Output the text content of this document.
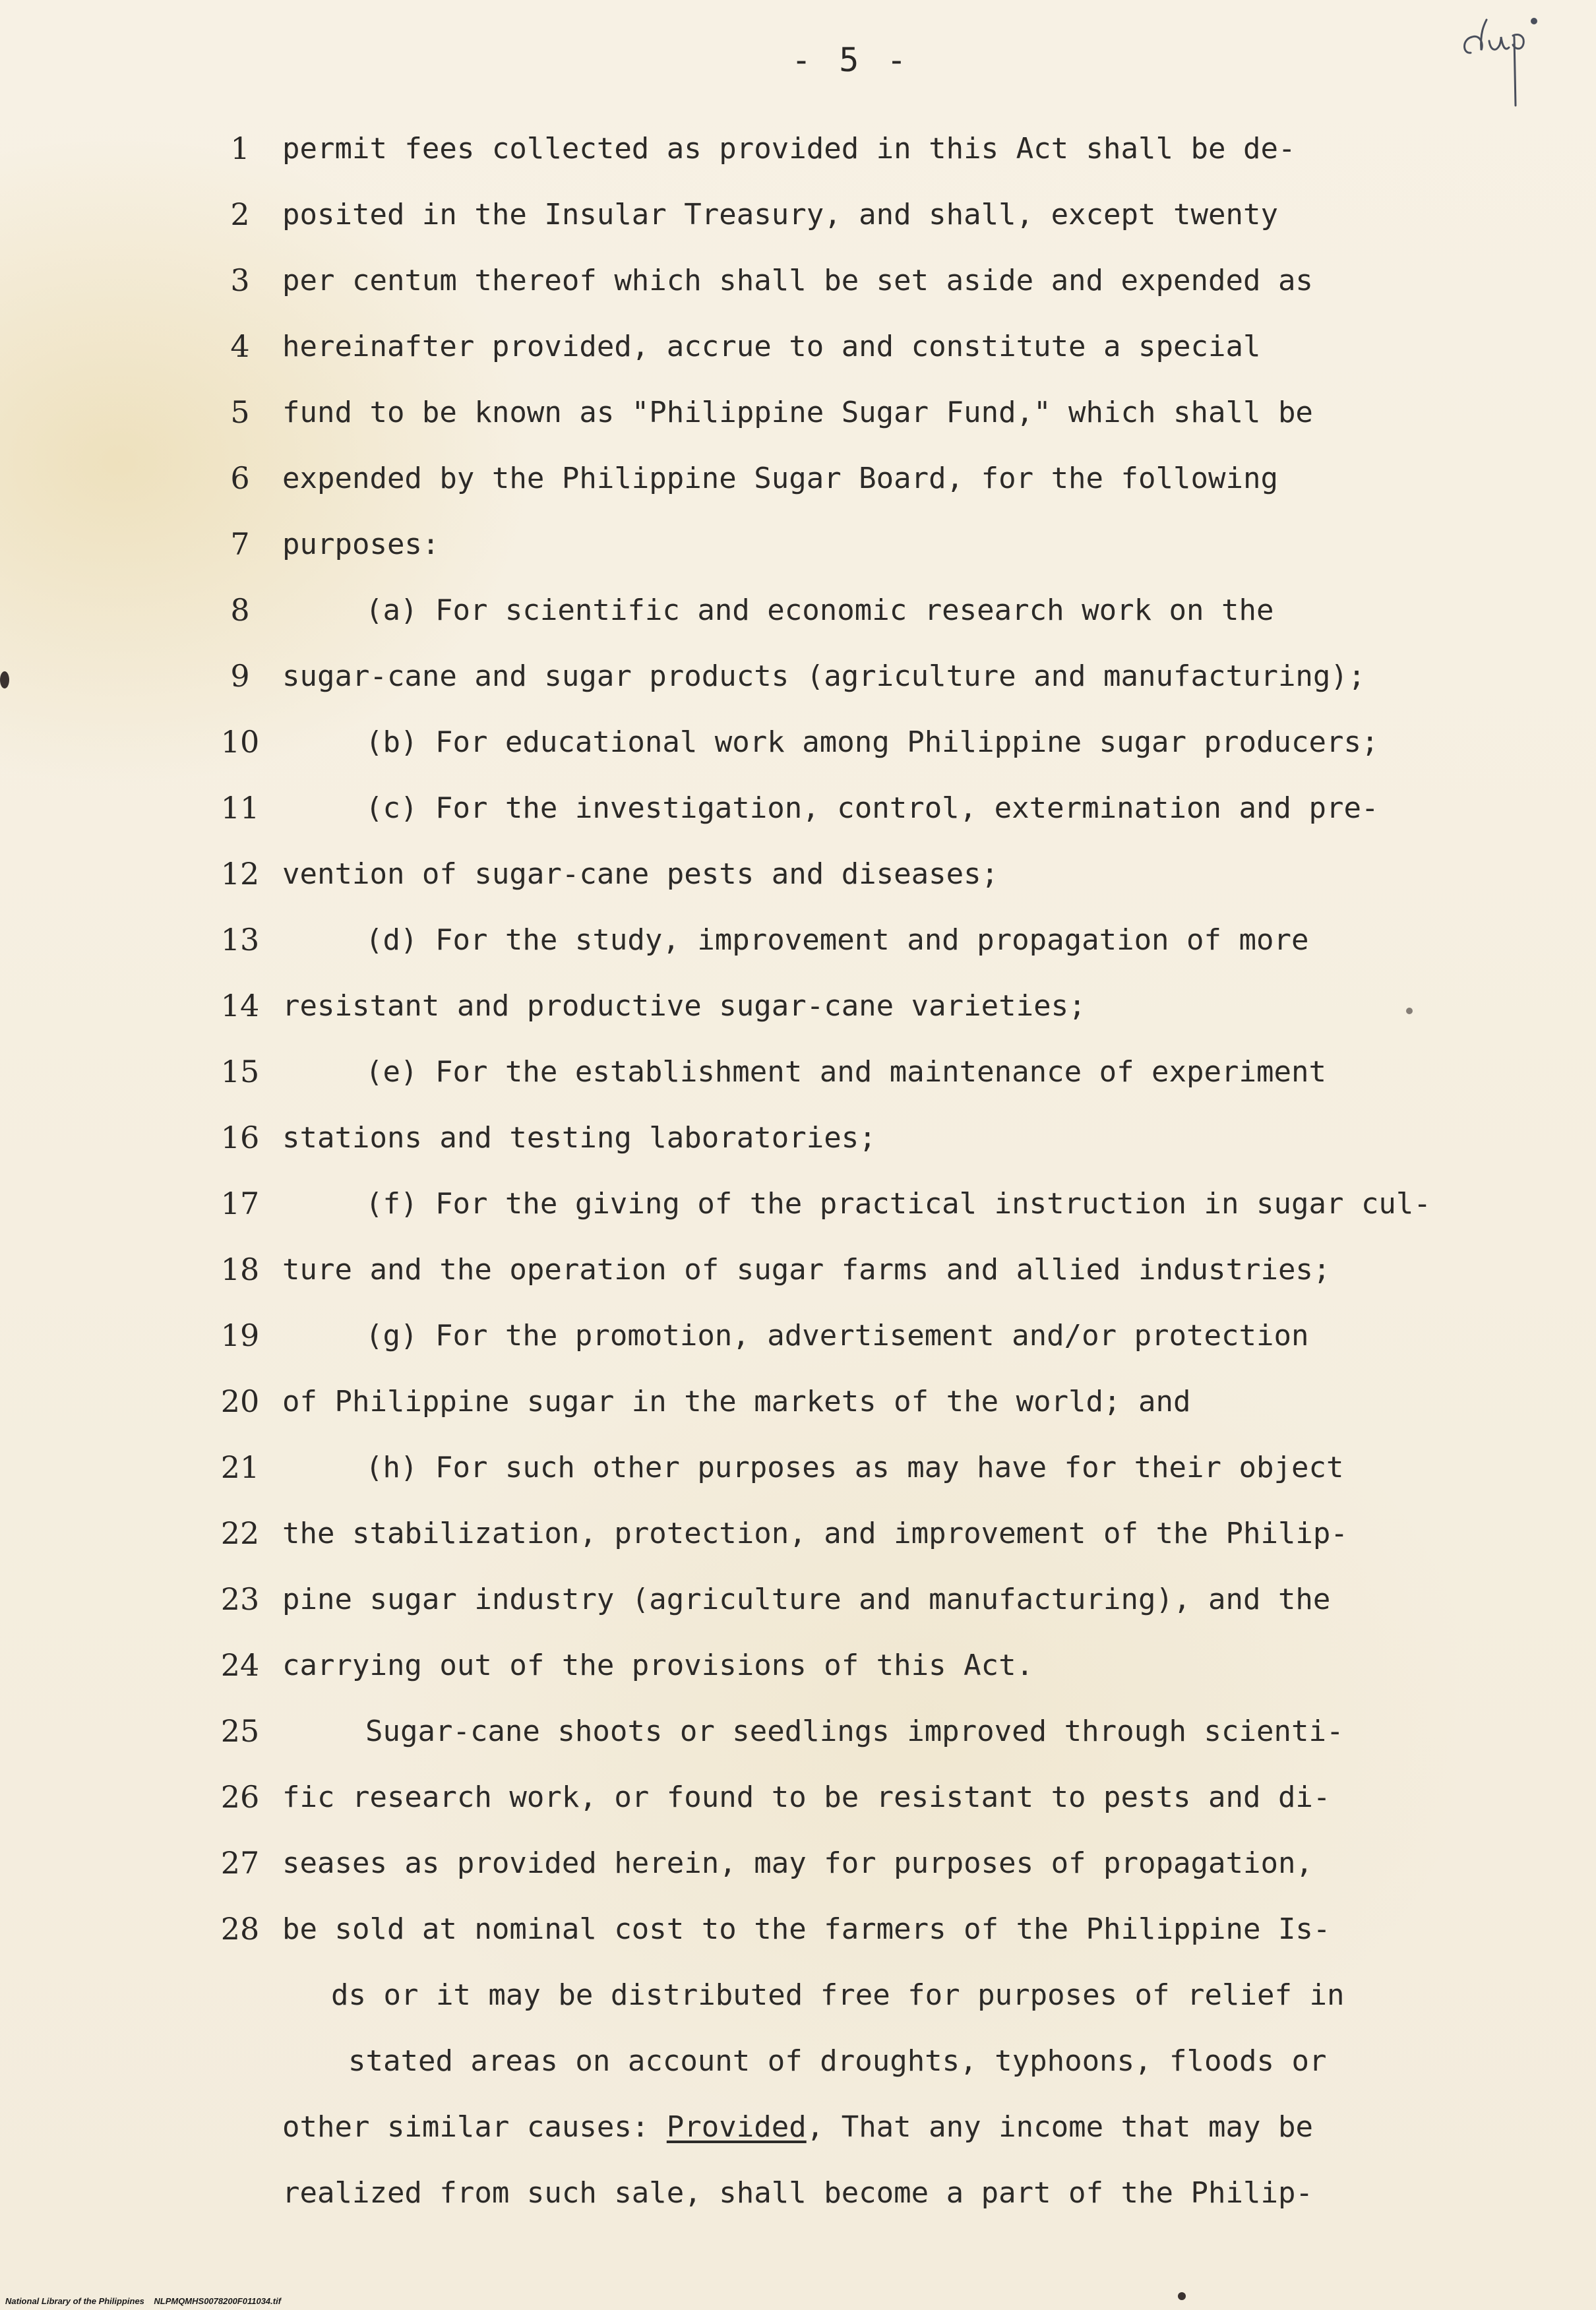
- 5 -
1	permit fees collected as provided in this Act shall be de-
2	posited in the Insular Treasury, and shall, except twenty
3	per centum thereof which shall be set aside and expended as
4	hereinafter provided, accrue to and constitute a special
5	fund to be known as "Philippine Sugar Fund," which shall be
6	expended by the Philippine Sugar Board, for the following
7	purposes:
8	(a) For scientific and economic research work on the
9	sugar-cane and sugar products (agriculture and manufacturing);
10	(b) For educational work among Philippine sugar producers;
11	(c) For the investigation, control, extermination and pre-
12 vention of sugar-cane pests and diseases;
13	(d) For the study, improvement and propagation of more
14 resistant and productive sugar-cane varieties;
15	(e) For the establishment and maintenance of experiment
16 stations and testing laboratories;
17	(f) For the giving of the practical instruction in sugar cul-
18 ture and the operation of sugar farms and allied industries;
19	(g) For the promotion, advertisement and/or protection
20 of Philippine sugar in the markets of the world; and
21	(h) For such other purposes as may have for their object
22 the stabilization, protection, and improvement of the Philip-
23 pine sugar industry (agriculture and manufacturing), and the
24 carrying out of the provisions of this Act.
25	Sugar-cane shoots or seedlings improved through scienti-
26 fic research work, or found to be resistant to pests and di-
27 seases as provided herein, may for purposes of propagation,
28 be sold at nominal cost to the farmers of the Philippine Is-
ds or it may be distributed free for purposes of relief in
stated areas on account of droughts, typhoons, floods or
other similar causes: Provided, That any income that may be
realized from such sale, shall become a part of the Philip-
National Library of the Philippines    NLPMQMHS0078200F011034.tif
